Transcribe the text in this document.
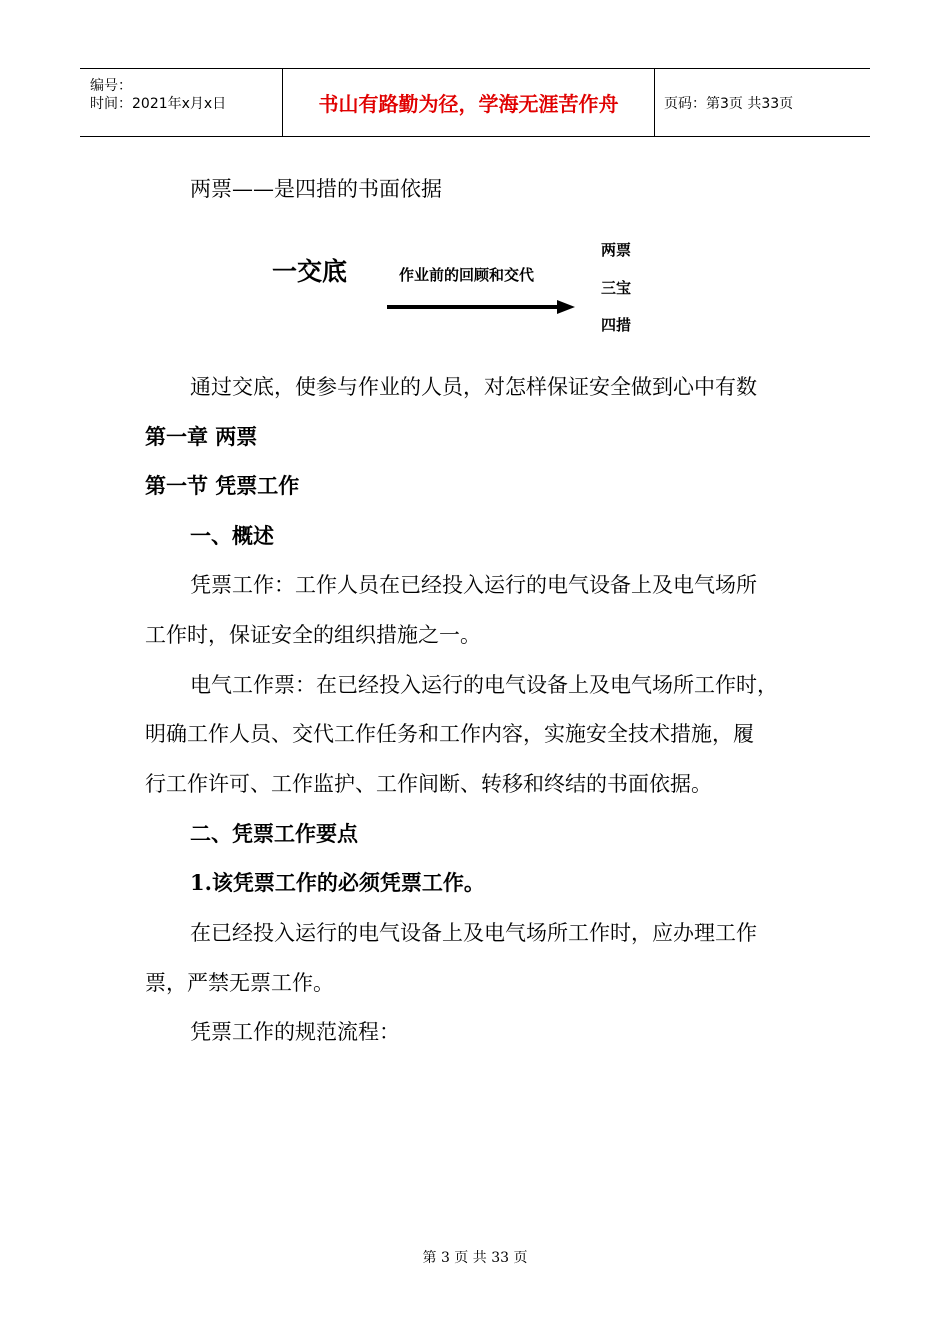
编号：
时间：2021年x月x日	书山有路勤为径，学海无涯苦作舟	页码：第3页 共33页
两票——是四措的书面依据
一交底	作业前的回顾和交代
两票
三宝
四措
通过交底，使参与作业的人员，对怎样保证安全做到心中有数
第一章 两票
第一节 凭票工作
一、概述
凭票工作：工作人员在已经投入运行的电气设备上及电气场所
工作时，保证安全的组织措施之一。
电气工作票：在已经投入运行的电气设备上及电气场所工作时，
明确工作人员、交代工作任务和工作内容，实施安全技术措施，履
行工作许可、工作监护、工作间断、转移和终结的书面依据。
二、凭票工作要点
1.该凭票工作的必须凭票工作。
在已经投入运行的电气设备上及电气场所工作时，应办理工作
票，严禁无票工作。
凭票工作的规范流程：
第 3 页 共 33 页
